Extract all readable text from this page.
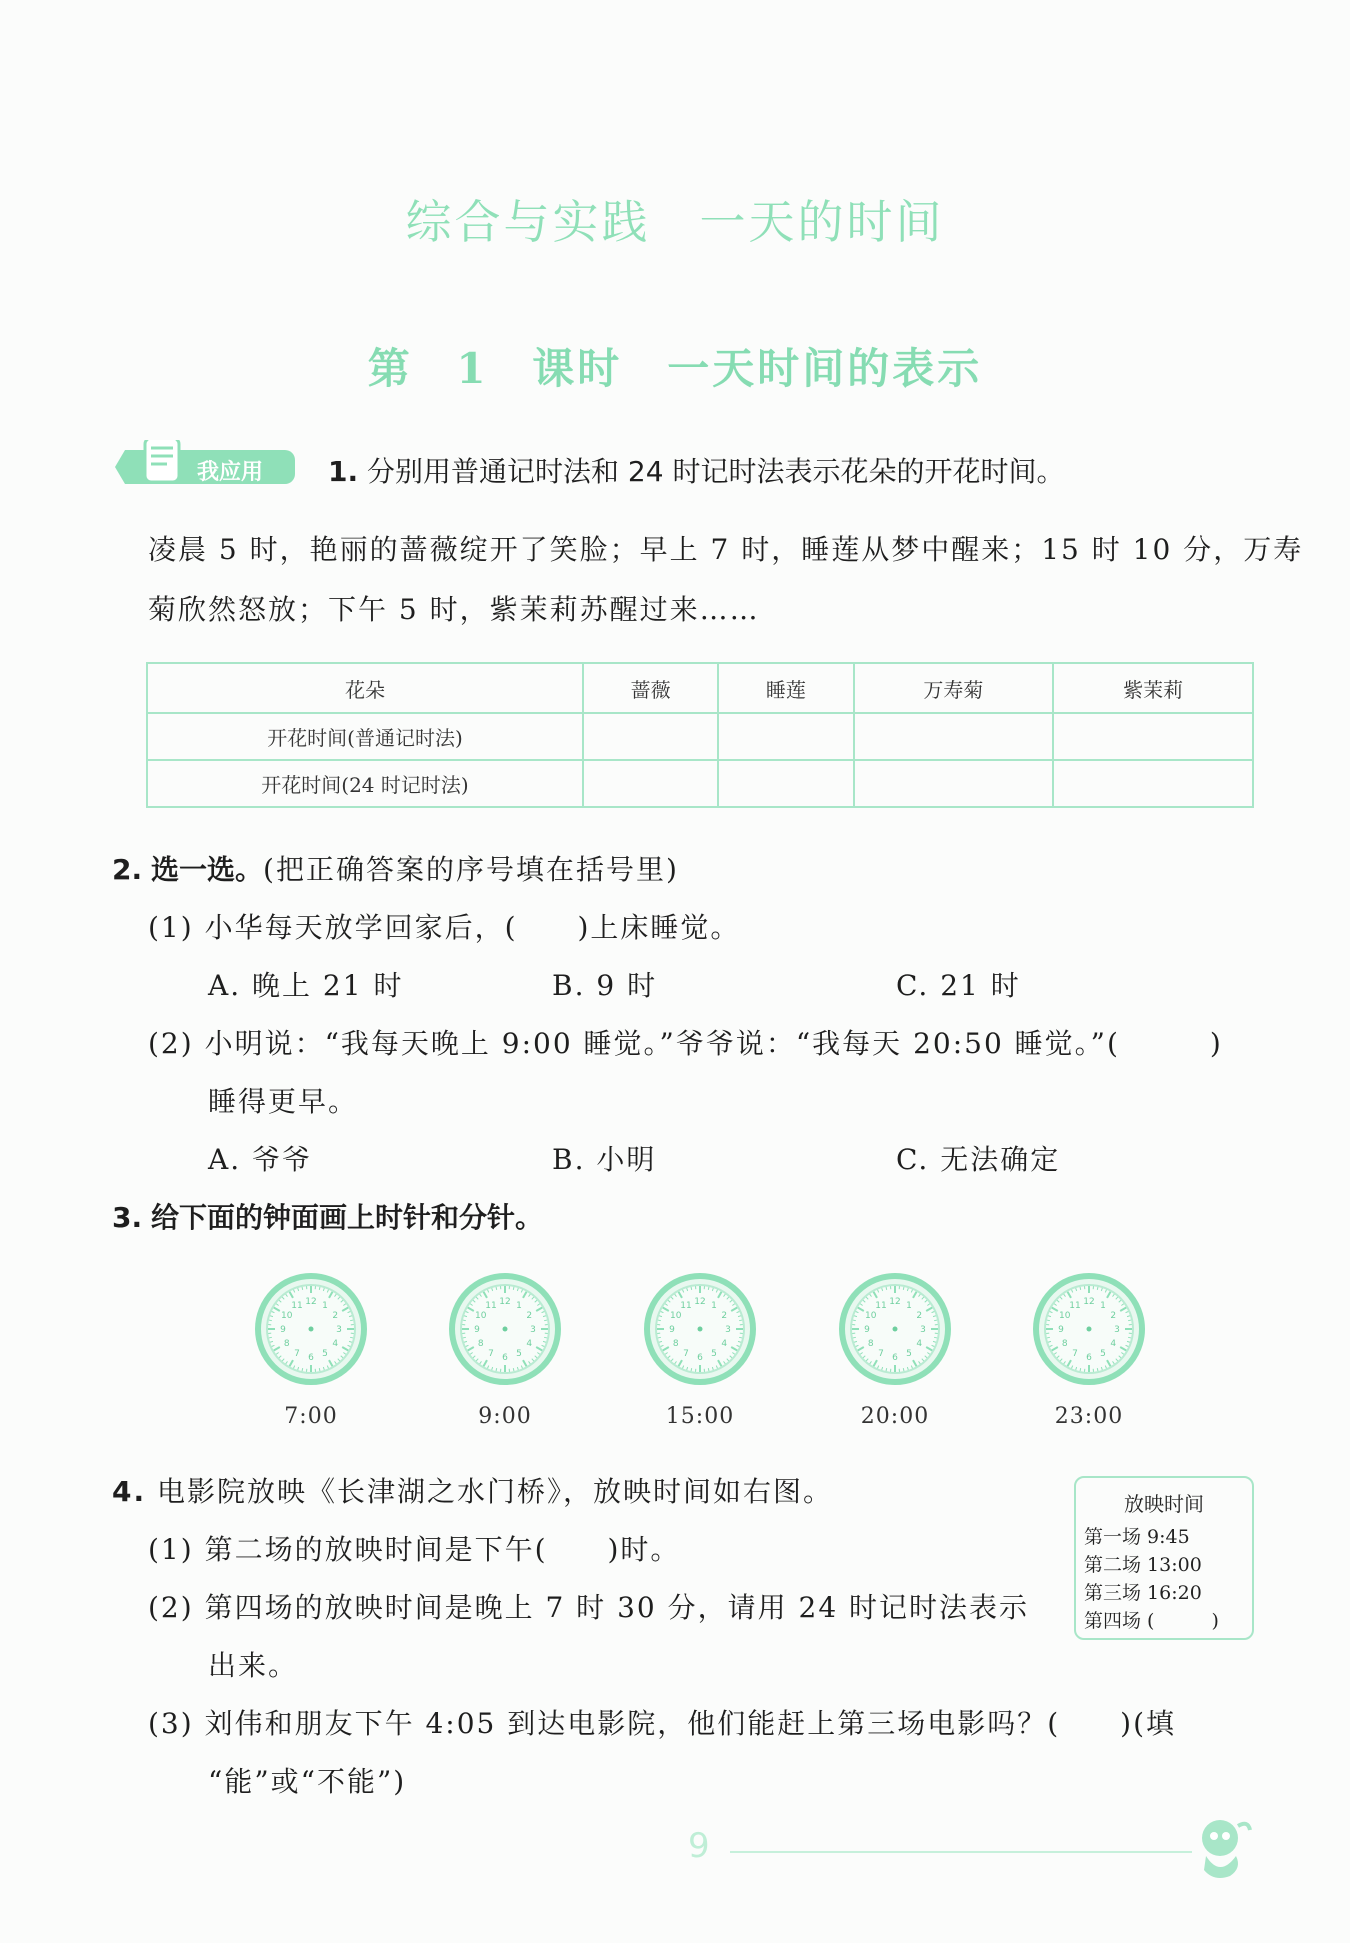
综合与实践　一天的时间
第 1 课时　一天时间的表示
我应用 1. 分别用普通记时法和 24 时记时法表示花朵的开花时间。
凌晨 5 时，艳丽的蔷薇绽开了笑脸；早上 7 时，睡莲从梦中醒来；15 时 10 分，万寿
菊欣然怒放；下午 5 时，紫茉莉苏醒过来……
花朵	蔷薇	睡莲	万寿菊	紫茉莉
开花时间(普通记时法)				
开花时间(24 时记时法)				
2. 选一选。(把正确答案的序号填在括号里)
(1) 小华每天放学回家后，(　　)上床睡觉。
A. 晚上 21 时	B. 9 时	C. 21 时
(2) 小明说：“我每天晚上 9:00 睡觉。”爷爷说：“我每天 20:50 睡觉。”(　　　)
睡得更早。
A. 爷爷	B. 小明	C. 无法确定
3. 给下面的钟面画上时针和分针。
1
2
3
4
5
6
7
8
9
10
11 12
7:00
1
2
3
4
5
6
7
8
9
10
11 12
9:00
1
2
3
4
5
6
7
8
9
10
11 12
15:00
1
2
3
4
5
6
7
8
9
10
11 12
20:00
1
2
3
4
5
6
7
8
9
10
11 12
23:00
4. 电影院放映《长津湖之水门桥》，放映时间如右图。
(1) 第二场的放映时间是下午(　　)时。
(2) 第四场的放映时间是晚上 7 时 30 分，请用 24 时记时法表示
出来。
(3) 刘伟和朋友下午 4:05 到达电影院，他们能赶上第三场电影吗？(　　)(填
“能”或“不能”)
放映时间
第一场 9:45
第二场 13:00
第三场 16:20
第四场 (　　　)
9
